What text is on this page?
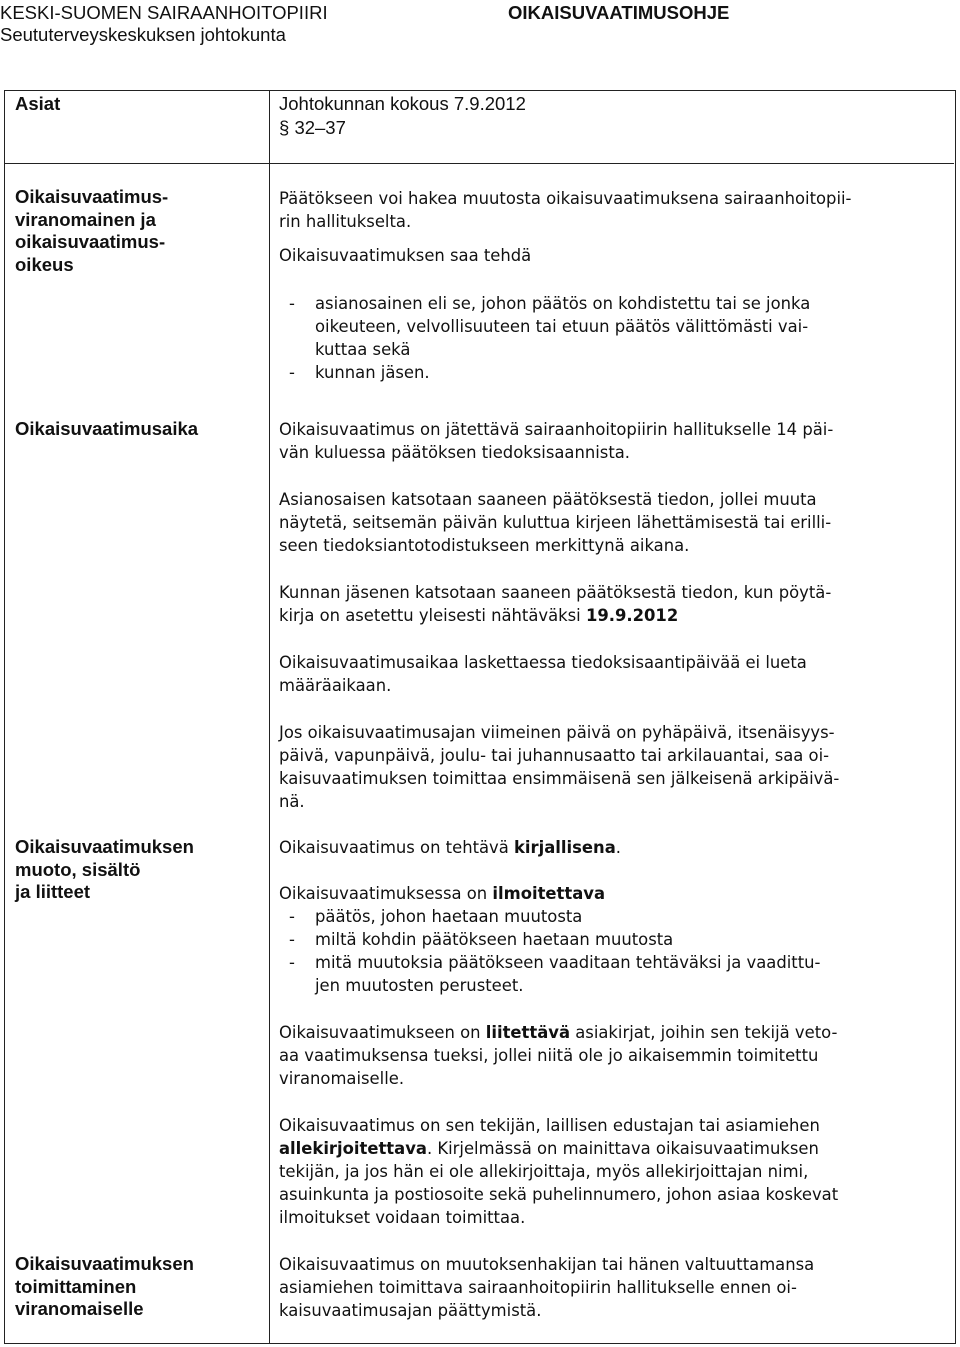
KESKI-SUOMEN SAIRAANHOITOPIIRI
Seututerveyskeskuksen johtokunta
OIKAISUVAATIMUSOHJE
Asiat	Johtokunnan kokous 7.9.2012
§ 32–37
Oikaisuvaatimus-
viranomainen ja
oikaisuvaatimus-
oikeus

Päätökseen voi hakea muutosta oikaisuvaatimuksena sairaanhoitopii-
rin hallitukselta.

Oikaisuvaatimuksen saa tehdä

- asianosainen eli se, johon päätös on kohdistettu tai se jonka
oikeuteen, velvollisuuteen tai etuun päätös välittömästi vai-
kuttaa sekä
- kunnan jäsen.
Oikaisuvaatimusaika	Oikaisuvaatimus on jätettävä sairaanhoitopiirin hallitukselle 14 päi-
vän kuluessa päätöksen tiedoksisaannista.

Asianosaisen katsotaan saaneen päätöksestä tiedon, jollei muuta
näytetä, seitsemän päivän kuluttua kirjeen lähettämisestä tai erilli-
seen tiedoksiantotodistukseen merkittynä aikana.

Kunnan jäsenen katsotaan saaneen päätöksestä tiedon, kun pöytä-
kirja on asetettu yleisesti nähtäväksi 19.9.2012

Oikaisuvaatimusaikaa laskettaessa tiedoksisaantipäivää ei lueta
määräaikaan.

Jos oikaisuvaatimusajan viimeinen päivä on pyhäpäivä, itsenäisyys-
päivä, vapunpäivä, joulu- tai juhannusaatto tai arkilauantai, saa oi-
kaisuvaatimuksen toimittaa ensimmäisenä sen jälkeisenä arkipäivä-
nä.

Oikaisuvaatimuksen
muoto, sisältö
ja liitteet

Oikaisuvaatimus on tehtävä kirjallisena.

Oikaisuvaatimuksessa on ilmoitettava

- päätös, johon haetaan muutosta
- miltä kohdin päätökseen haetaan muutosta
- mitä muutoksia päätökseen vaaditaan tehtäväksi ja vaadittu-
jen muutosten perusteet.

Oikaisuvaatimukseen on liitettävä asiakirjat, joihin sen tekijä veto-
aa vaatimuksensa tueksi, jollei niitä ole jo aikaisemmin toimitettu
viranomaiselle.

Oikaisuvaatimus on sen tekijän, laillisen edustajan tai asiamiehen
allekirjoitettava. Kirjelmässä on mainittava oikaisuvaatimuksen
tekijän, ja jos hän ei ole allekirjoittaja, myös allekirjoittajan nimi,
asuinkunta ja postiosoite sekä puhelinnumero, johon asiaa koskevat
ilmoitukset voidaan toimittaa.

Oikaisuvaatimuksen
toimittaminen
viranomaiselle

Oikaisuvaatimus on muutoksenhakijan tai hänen valtuuttamansa
asiamiehen toimittava sairaanhoitopiirin hallitukselle ennen oi-
kaisuvaatimusajan päättymistä.
